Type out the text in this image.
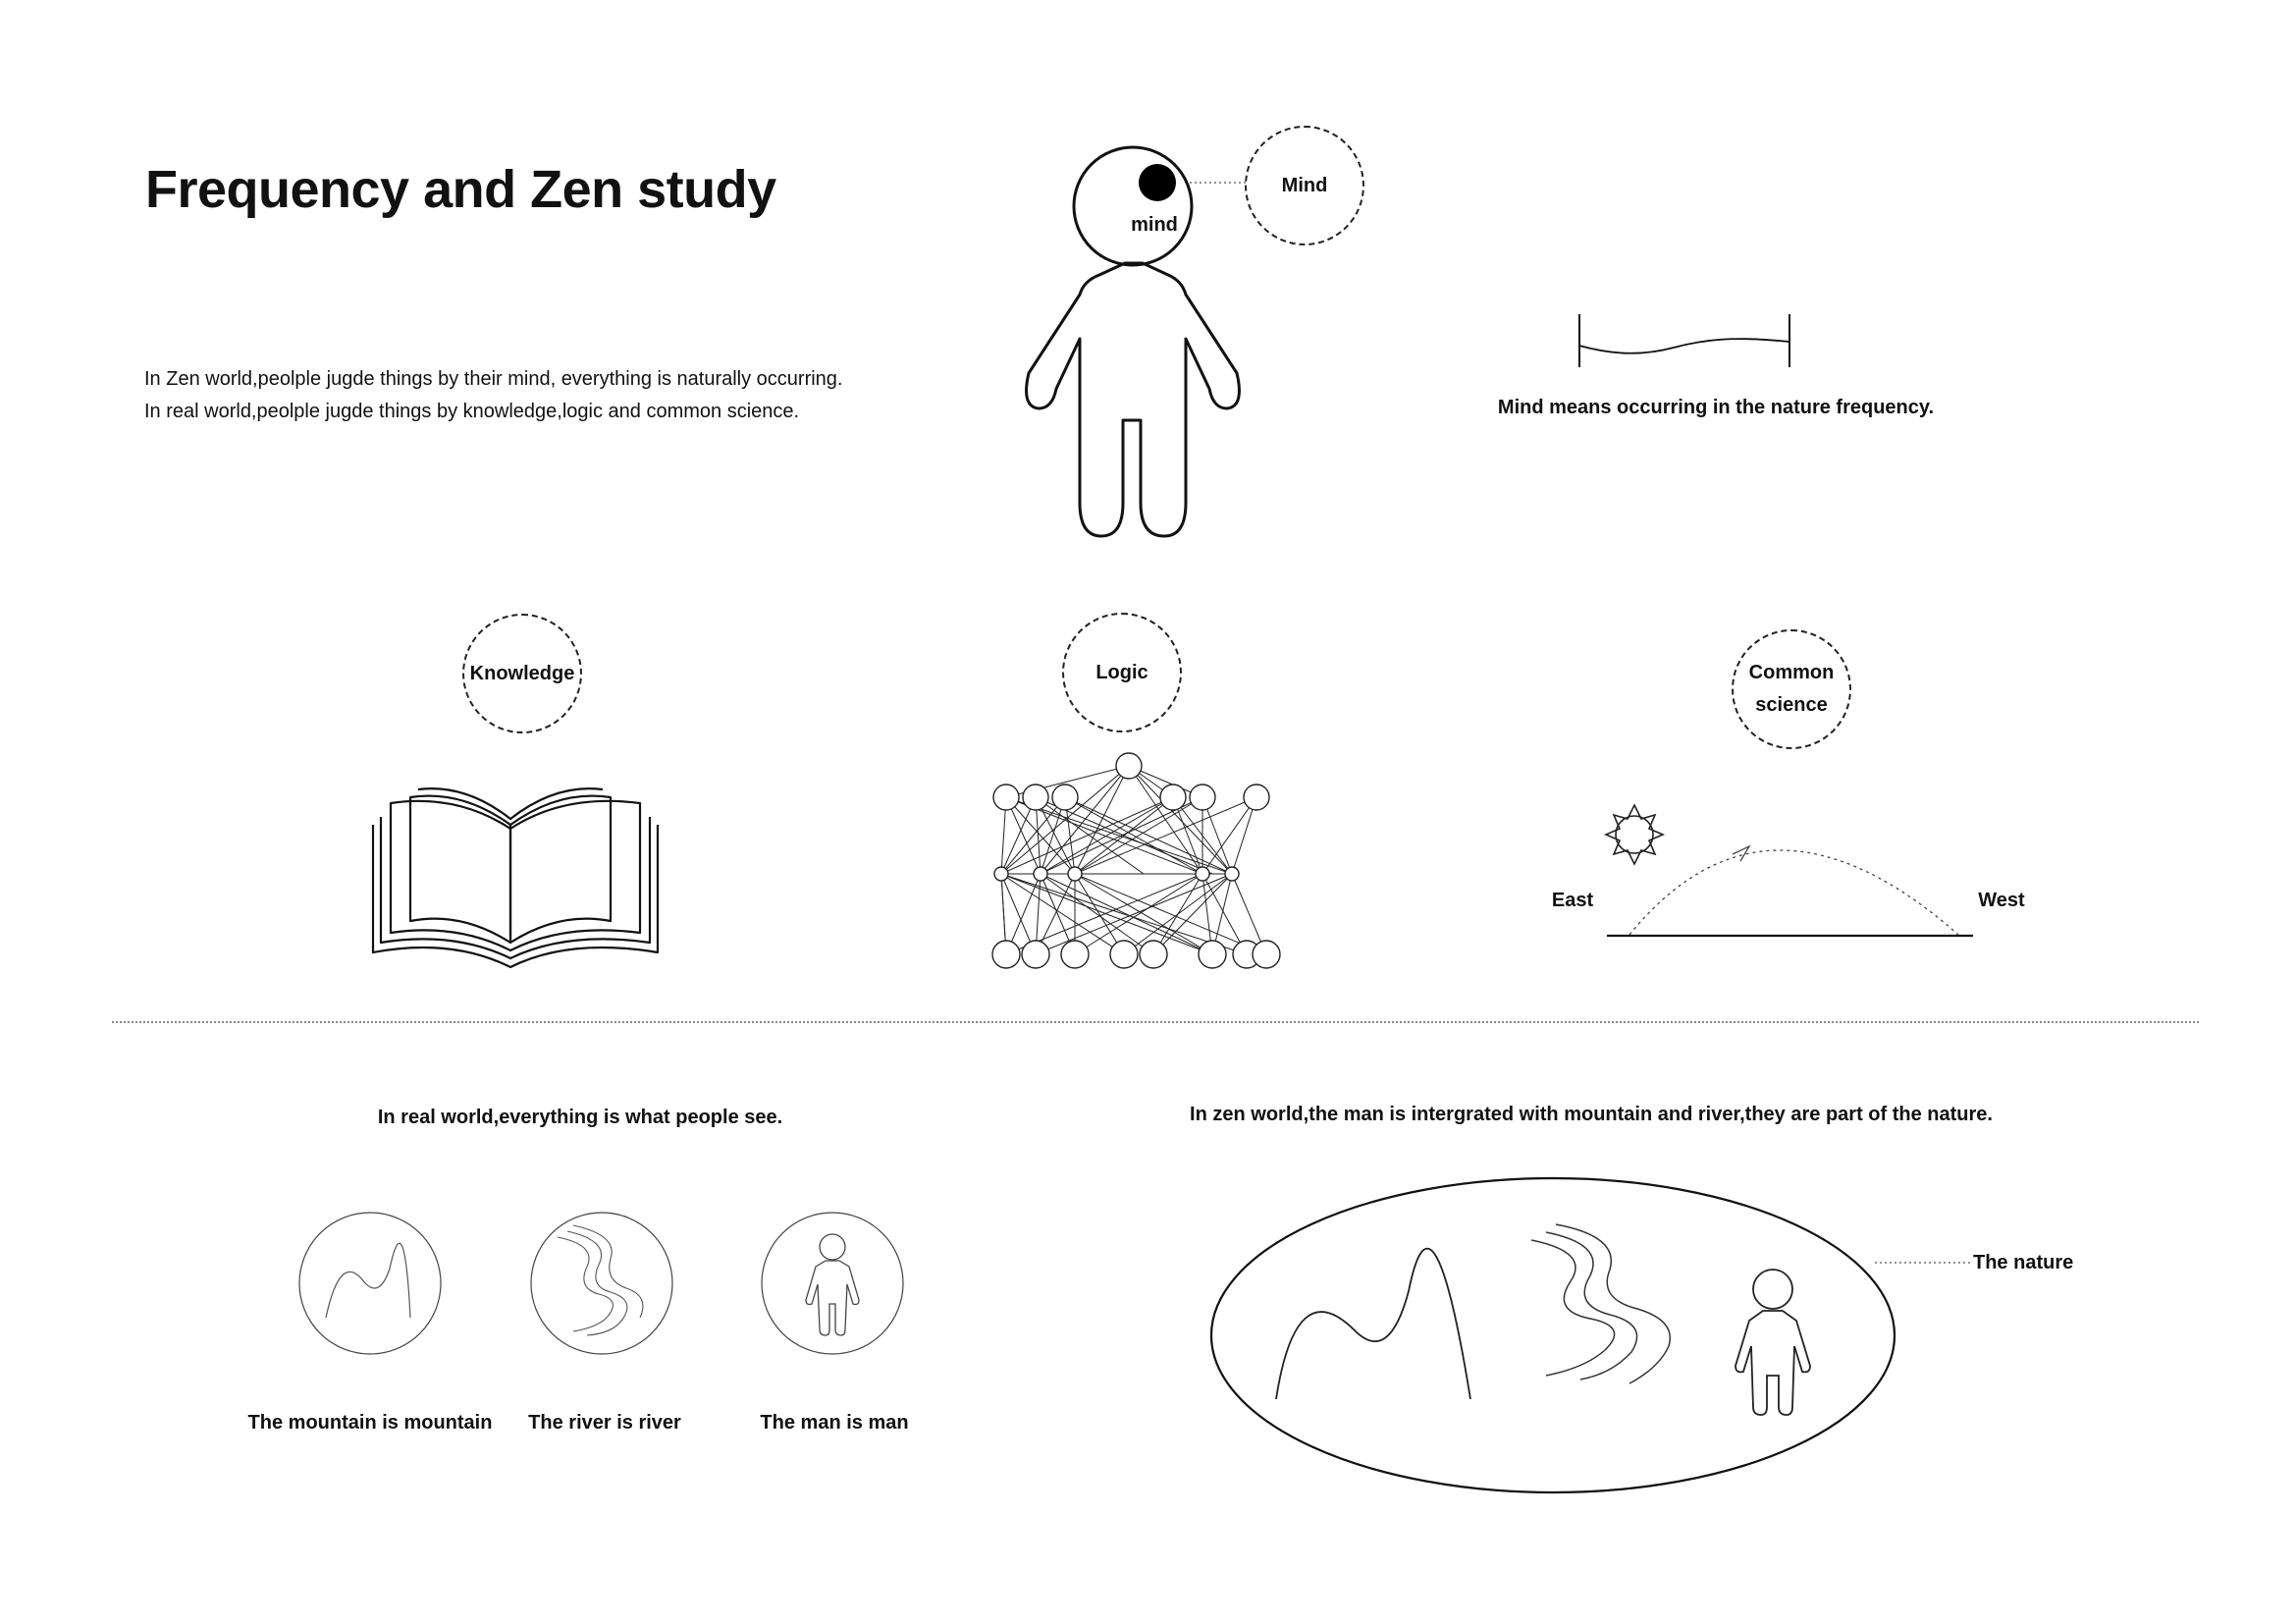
Frequency and Zen study
In Zen world,peolple jugde things by their mind, everything is naturally occurring.
In real world,peolple jugde things by knowledge,logic and common science.
mind
Mind
Mind means occurring in the nature frequency.
Knowledge	Logic	Common
science
East	West
In real world,everything is what people see.
The mountain is mountain The river is river	The man is man
In zen world,the man is intergrated with mountain and river,they are part of the nature.
The nature
